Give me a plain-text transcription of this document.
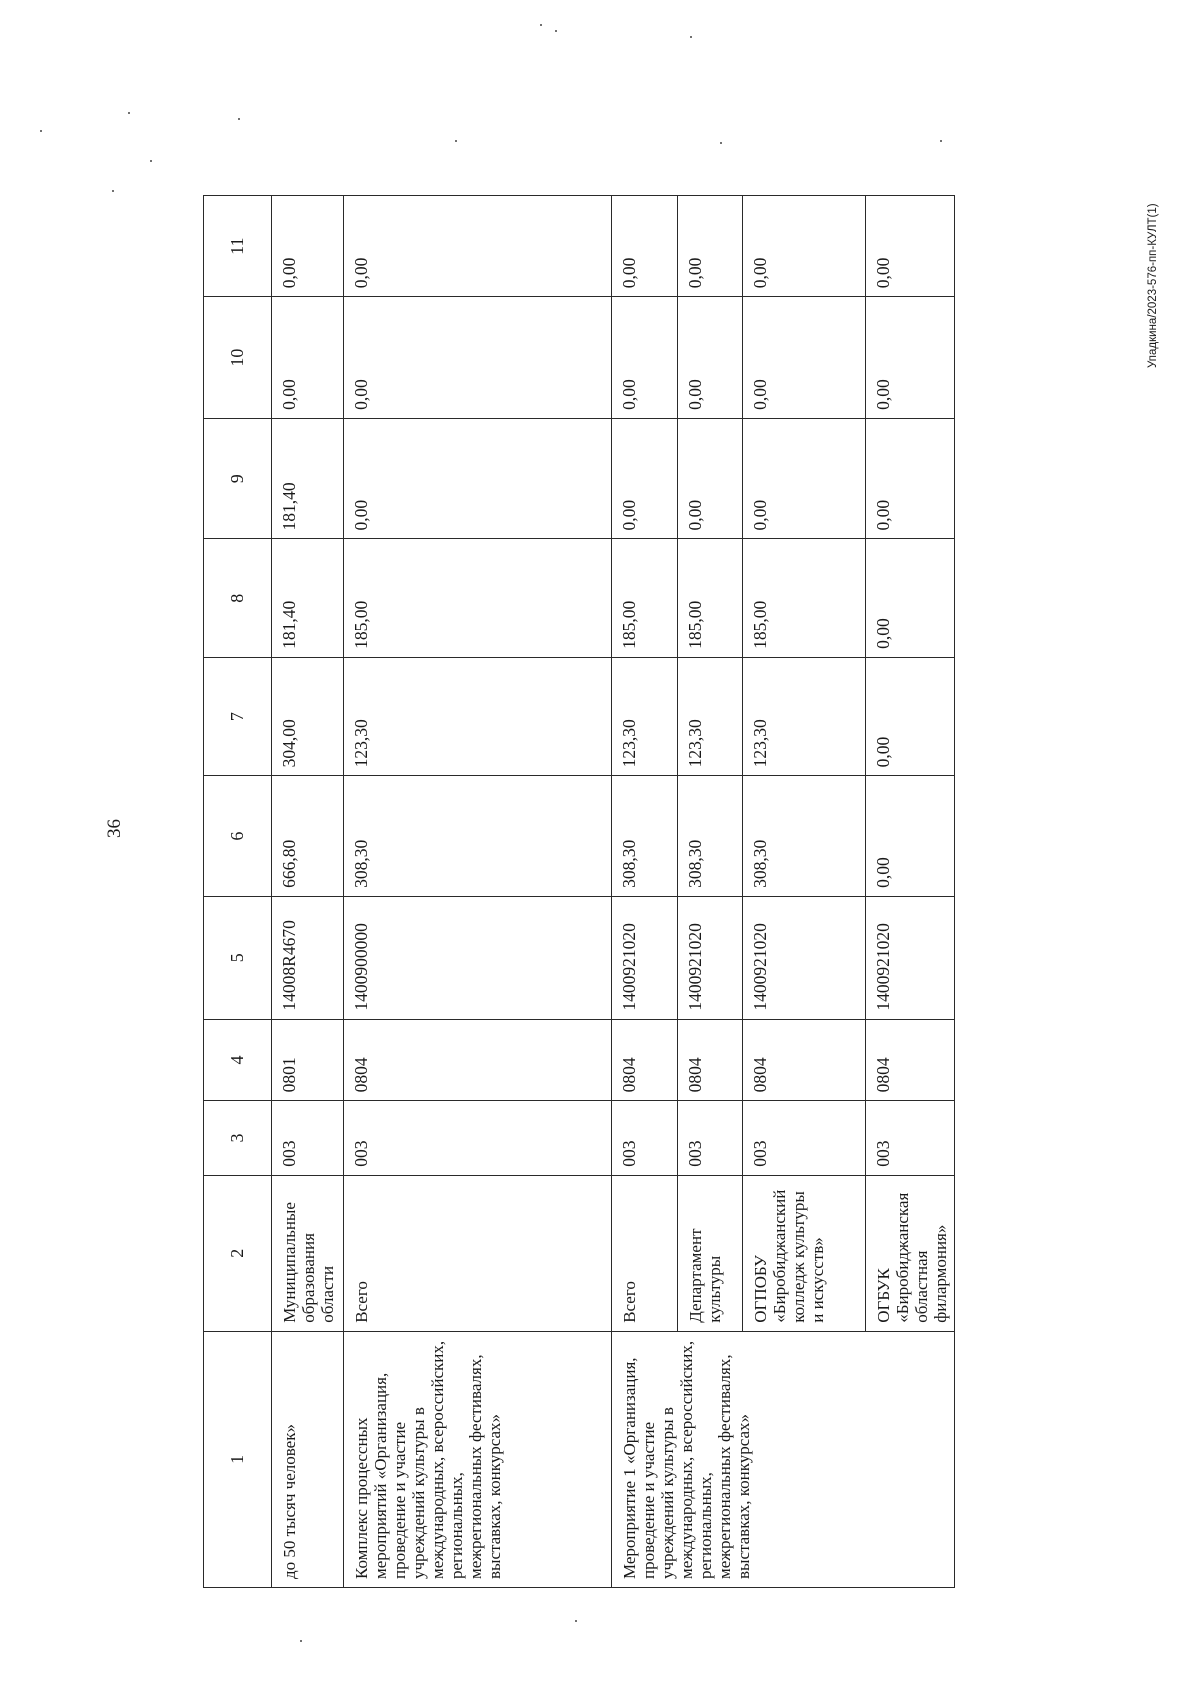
36
Упадкина/2023-576-пп-КУЛТ(1)
1	2	3	4	5	6	7	8	9	10	11
до 50 тысяч человек»	Муниципальные образования области	003	0801	14008R4670	666,80	304,00	181,40	181,40	0,00	0,00
Комплекс процессных мероприятий «Организация, проведение и участие учреждений культуры в международных, всероссийских, региональных, межрегиональных фестивалях, выставках, конкурсах»	Всего	003	0804	1400900000	308,30	123,30	185,00	0,00	0,00	0,00
Мероприятие 1 «Организация, проведение и участие учреждений культуры в международных, всероссийских, региональных, межрегиональных фестивалях, выставках, конкурсах»	Всего	003	0804	1400921020	308,30	123,30	185,00	0,00	0,00	0,00
	Департамент культуры	003	0804	1400921020	308,30	123,30	185,00	0,00	0,00	0,00
	ОГПОБУ «Биробиджанский колледж культуры и искусств»	003	0804	1400921020	308,30	123,30	185,00	0,00	0,00	0,00
	ОГБУК «Биробиджанская областная филармония»	003	0804	1400921020	0,00	0,00	0,00	0,00	0,00	0,00
